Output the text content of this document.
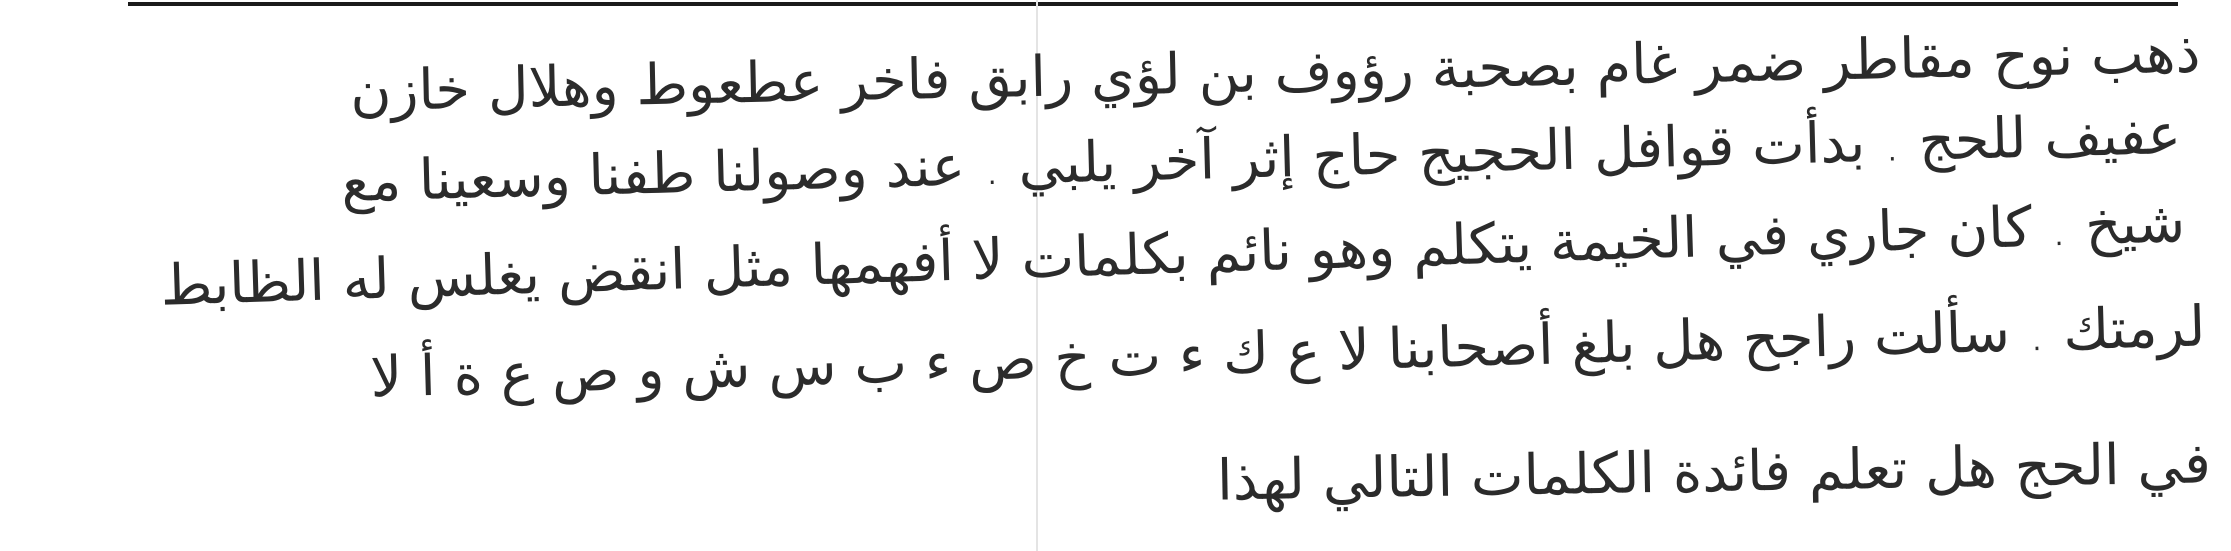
ذهب نوح مقاطر ضمر غام بصحبة رؤوف بن لؤي رابق فاخر عطعوط وهلال خازن
عفيف للحج . بدأت قوافل الحجيج حاج إثر آخر يلبي . عند وصولنا طفنا وسعينا مع
شيخ . كان جاري في الخيمة يتكلم وهو نائم بكلمات لا أفهمها مثل انقض يغلس له الظابط
لرمتك . سألت راجح هل بلغ أصحابنا لا ع ك ء ت خ ص ء ب س ش و ص ع ة أ لا
في الحج هل تعلم فائدة الكلمات التالي لهذا
